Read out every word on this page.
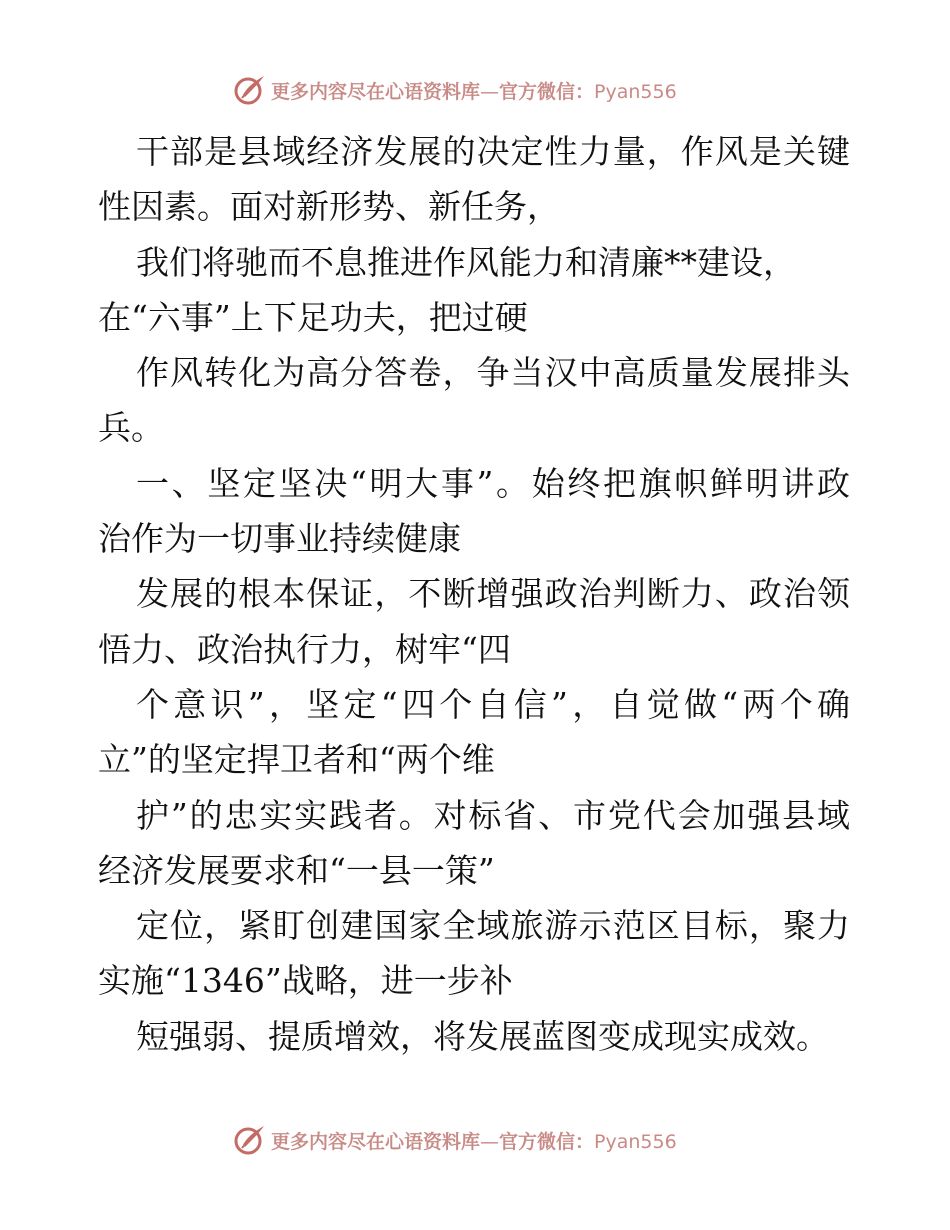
更多内容尽在心语资料库—官方微信：Pyan556
干部是县域经济发展的决定性力量，作风是关键
性因素。面对新形势、新任务，
我们将驰而不息推进作风能力和清廉**建设，
在“六事”上下足功夫，把过硬
作风转化为高分答卷，争当汉中高质量发展排头
兵。
一、坚定坚决“明大事”。始终把旗帜鲜明讲政
治作为一切事业持续健康
发展的根本保证，不断增强政治判断力、政治领
悟力、政治执行力，树牢“四
个意识”，坚定“四个自信”，自觉做“两个确
立”的坚定捍卫者和“两个维
护”的忠实实践者。对标省、市党代会加强县域
经济发展要求和“一县一策”
定位，紧盯创建国家全域旅游示范区目标，聚力
实施“1346”战略，进一步补
短强弱、提质增效，将发展蓝图变成现实成效。
更多内容尽在心语资料库—官方微信：Pyan556
